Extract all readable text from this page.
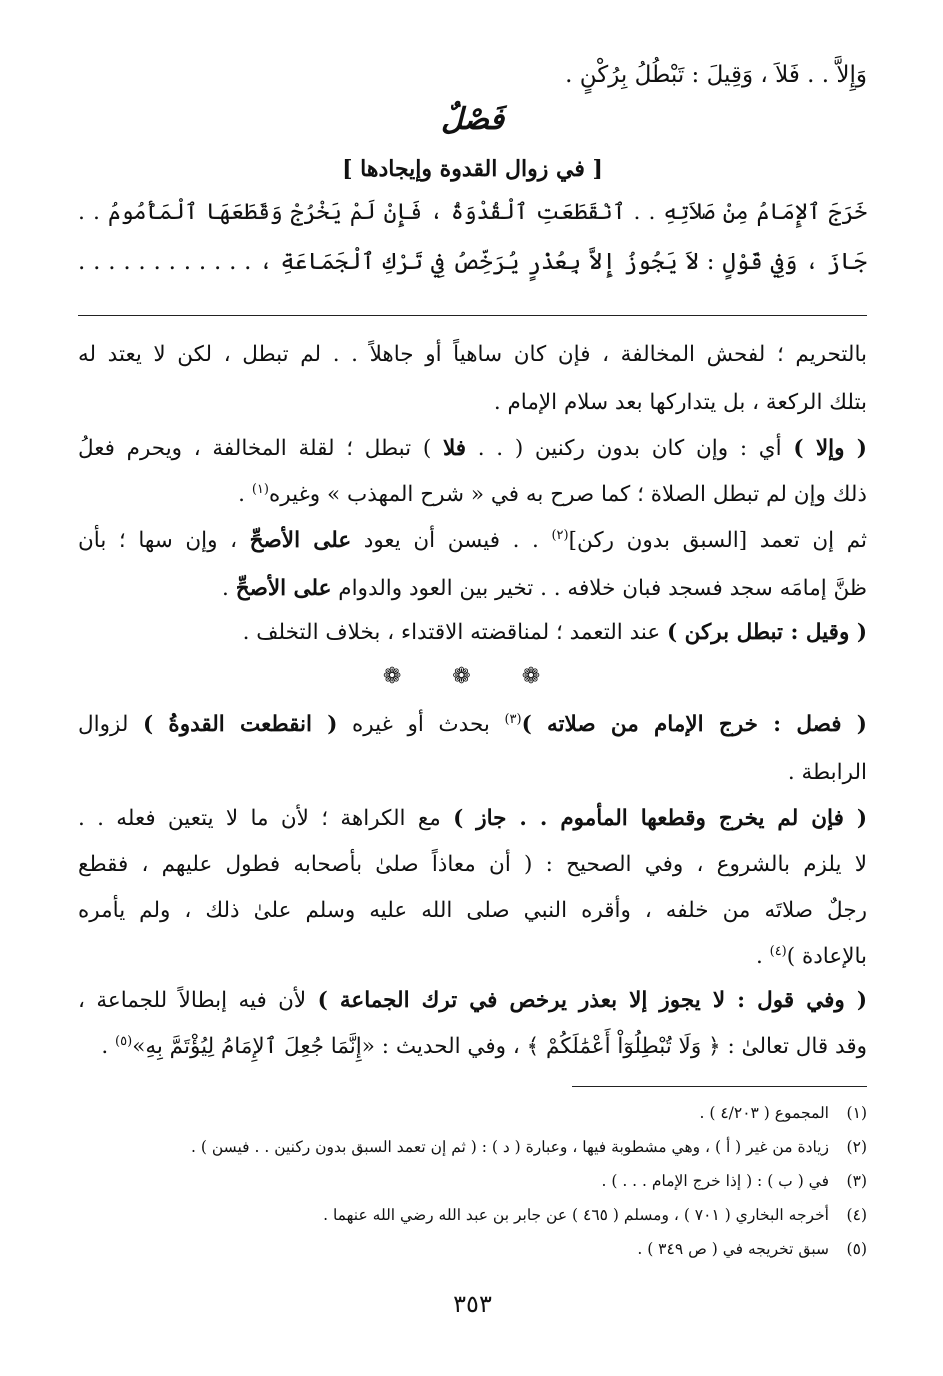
وَإِلاَّ . . فَلاَ ، وَقِيلَ : تَبْطُلُ بِرُكْنٍ .
فَصْلٌ
[ في زوال القدوة وإيجادها ]
خَرَجَ ٱلإِمَامُ مِنْ صَلاَتِهِ . . ٱنْقَطَعَتِ ٱلْقُدْوَةُ ، فَإِنْ لَمْ يَخْرُجْ وَقَطَعَهَا ٱلْمَأْمُومُ . .
جَازَ ، وَفِي قَوْلٍ : لاَ يَجُوزُ إِلاَّ بِعُذْرٍ يُرَخِّصُ فِي تَرْكِ ٱلْجَمَاعَةِ ، . . . . . . . . . . . .
بالتحريم ؛ لفحش المخالفة ، فإن كان ساهياً أو جاهلاً . . لم تبطل ، لكن لا يعتد له
بتلك الركعة ، بل يتداركها بعد سلام الإمام .
( وإلا ) أي : وإن كان بدون ركنين ( . . فلا ) تبطل ؛ لقلة المخالفة ، ويحرم فعلُ
ذلك وإن لم تبطل الصلاة ؛ كما صرح به في « شرح المهذب » وغيره$^{(١)}$ .
ثم إن تعمد [السبق بدون ركن]$^{(٢)}$ . . فيسن أن يعود على الأصحِّ ، وإن سها ؛ بأن
ظنَّ إمامَه سجد فسجد فبان خلافه . . تخير بين العود والدوام على الأصحِّ .
( وقيل : تبطل بركن ) عند التعمد ؛ لمناقضته الاقتداء ، بخلاف التخلف .
❁ ❁ ❁
( فصل : خرج الإمام من صلاته )$^{(٣)}$ بحدث أو غيره ( انقطعت القدوةُ ) لزوال
الرابطة .
( فإن لم يخرج وقطعها المأموم . . جاز ) مع الكراهة ؛ لأن ما لا يتعين فعله . .
لا يلزم بالشروع ، وفي الصحيح : ( أن معاذاً صلىٰ بأصحابه فطول عليهم ، فقطع
رجلٌ صلاتَه من خلفه ، وأقره النبي صلى الله عليه وسلم علىٰ ذلك ، ولم يأمره
بالإعادة )$^{(٤)}$ .
( وفي قول : لا يجوز إلا بعذر يرخص في ترك الجماعة ) لأن فيه إبطالاً للجماعة ،
وقد قال تعالىٰ : ﴿ وَلَا تُبْطِلُوٓاْ أَعْمَٰلَكُمْ ﴾ ، وفي الحديث : «إِنَّمَا جُعِلَ ٱلإِمَامُ لِيُؤْتَمَّ بِهِ»$^{(٥)}$ .
(١)المجموع ( ٤/٢٠٣ ) .
(٢)زيادة من غير ( أ ) ، وهي مشطوبة فيها ، وعبارة ( د ) : ( ثم إن تعمد السبق بدون ركنين . . فيسن ) .
(٣)في ( ب ) : ( إذا خرج الإمام . . . ) .
(٤)أخرجه البخاري ( ٧٠١ ) ، ومسلم ( ٤٦٥ ) عن جابر بن عبد الله رضي الله عنهما .
(٥)سبق تخريجه في ( ص ٣٤٩ ) .
٣٥٣
